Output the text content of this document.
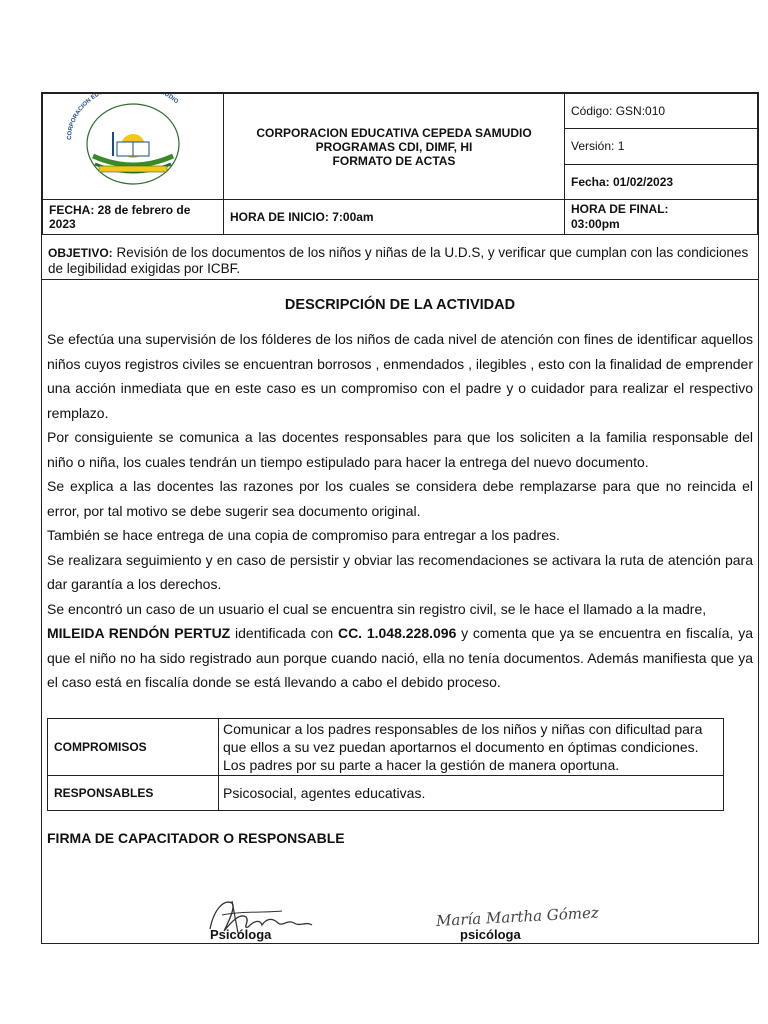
CORPORACION ED UDIO	CORPORACION EDUCATIVA CEPEDA SAMUDIO
PROGRAMAS CDI, DIMF, HI
FORMATO DE ACTAS	Código: GSN:010
		Versión: 1
		Fecha: 01/02/2023
FECHA: 28 de febrero de 2023	HORA DE INICIO: 7:00am	HORA DE FINAL:
03:00pm
OBJETIVO: Revisión de los documentos de los niños y niñas de la U.D.S, y verificar que cumplan con las condiciones de legibilidad exigidas por ICBF.
DESCRIPCIÓN DE LA ACTIVIDAD

Se efectúa una supervisión de los fólderes de los niños de cada nivel de atención con fines de identificar aquellos niños cuyos registros civiles se encuentran borrosos , enmendados , ilegibles , esto con la finalidad de emprender una acción inmediata que en este caso es un compromiso con el padre y o cuidador para realizar el respectivo remplazo.

Por consiguiente se comunica a las docentes responsables para que los soliciten a la familia responsable del niño o niña, los cuales tendrán un tiempo estipulado para hacer la entrega del nuevo documento.

Se explica a las docentes las razones por los cuales se considera debe remplazarse para que no reincida el error, por tal motivo se debe sugerir sea documento original.

También se hace entrega de una copia de compromiso para entregar a los padres.

Se realizara seguimiento y en caso de persistir y obviar las recomendaciones se activara la ruta de atención para dar garantía a los derechos.

Se encontró un caso de un usuario el cual se encuentra sin registro civil, se le hace el llamado a la madre,

MILEIDA RENDÓN PERTUZ identificada con CC. 1.048.228.096 y comenta que ya se encuentra en fiscalía, ya que el niño no ha sido registrado aun porque cuando nació, ella no tenía documentos. Además manifiesta que ya el caso está en fiscalía donde se está llevando a cabo el debido proceso.

COMPROMISOS	Comunicar a los padres responsables de los niños y niñas con dificultad para que ellos a su vez puedan aportarnos el documento en óptimas condiciones.
Los padres por su parte a hacer la gestión de manera oportuna.

RESPONSABLES	Psicosocial, agentes educativas.
FIRMA DE CAPACITADOR O RESPONSABLE
María Martha Gómez
Psicóloga	psicóloga
